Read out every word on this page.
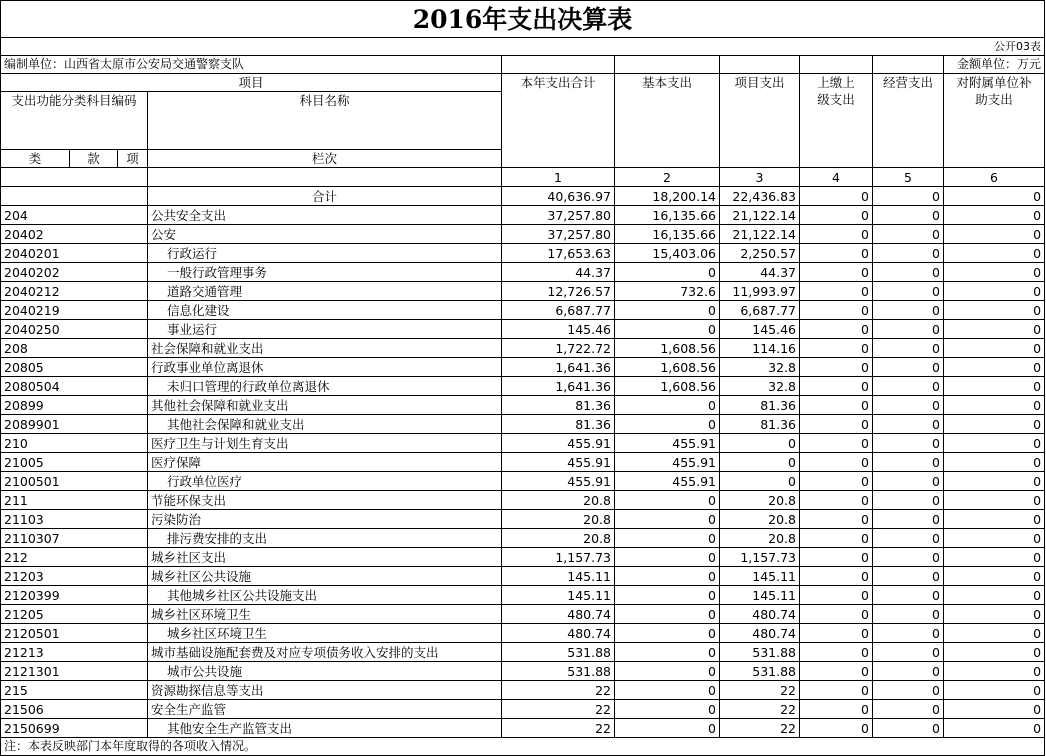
2016年支出决算表									
公开03表									
编制单位：山西省太原市公安局交通警察支队									金额单位：万元
项目				本年支出合计	基本支出	项目支出	上缴上级支出	经营支出	对附属单位补助支出
支出功能分类科目编码			科目名称						
类	款	项	栏次						

				1	2	3	4	5	6
			合计	40,636.97	18,200.14	22,436.83	0	0	0
204			公共安全支出	37,257.80	16,135.66	21,122.14	0	0	0
20402			公安	37,257.80	16,135.66	21,122.14	0	0	0
2040201			行政运行	17,653.63	15,403.06	2,250.57	0	0	0
2040202			一般行政管理事务	44.37	0	44.37	0	0	0
2040212			道路交通管理	12,726.57	732.6	11,993.97	0	0	0
2040219			信息化建设	6,687.77	0	6,687.77	0	0	0
2040250			事业运行	145.46	0	145.46	0	0	0
208			社会保障和就业支出	1,722.72	1,608.56	114.16	0	0	0
20805			行政事业单位离退休	1,641.36	1,608.56	32.8	0	0	0
2080504			未归口管理的行政单位离退休	1,641.36	1,608.56	32.8	0	0	0
20899			其他社会保障和就业支出	81.36	0	81.36	0	0	0
2089901			其他社会保障和就业支出	81.36	0	81.36	0	0	0
210			医疗卫生与计划生育支出	455.91	455.91	0	0	0	0
21005			医疗保障	455.91	455.91	0	0	0	0
2100501			行政单位医疗	455.91	455.91	0	0	0	0
211			节能环保支出	20.8	0	20.8	0	0	0
21103			污染防治	20.8	0	20.8	0	0	0
2110307			排污费安排的支出	20.8	0	20.8	0	0	0
212			城乡社区支出	1,157.73	0	1,157.73	0	0	0
21203			城乡社区公共设施	145.11	0	145.11	0	0	0
2120399			其他城乡社区公共设施支出	145.11	0	145.11	0	0	0
21205			城乡社区环境卫生	480.74	0	480.74	0	0	0
2120501			城乡社区环境卫生	480.74	0	480.74	0	0	0
21213			城市基础设施配套费及对应专项债务收入安排的支出	531.88	0	531.88	0	0	0
2121301			城市公共设施	531.88	0	531.88	0	0	0
215			资源勘探信息等支出	22	0	22	0	0	0
21506			安全生产监管	22	0	22	0	0	0
2150699			其他安全生产监管支出	22	0	22	0	0	0
注：本表反映部门本年度取得的各项收入情况。									
